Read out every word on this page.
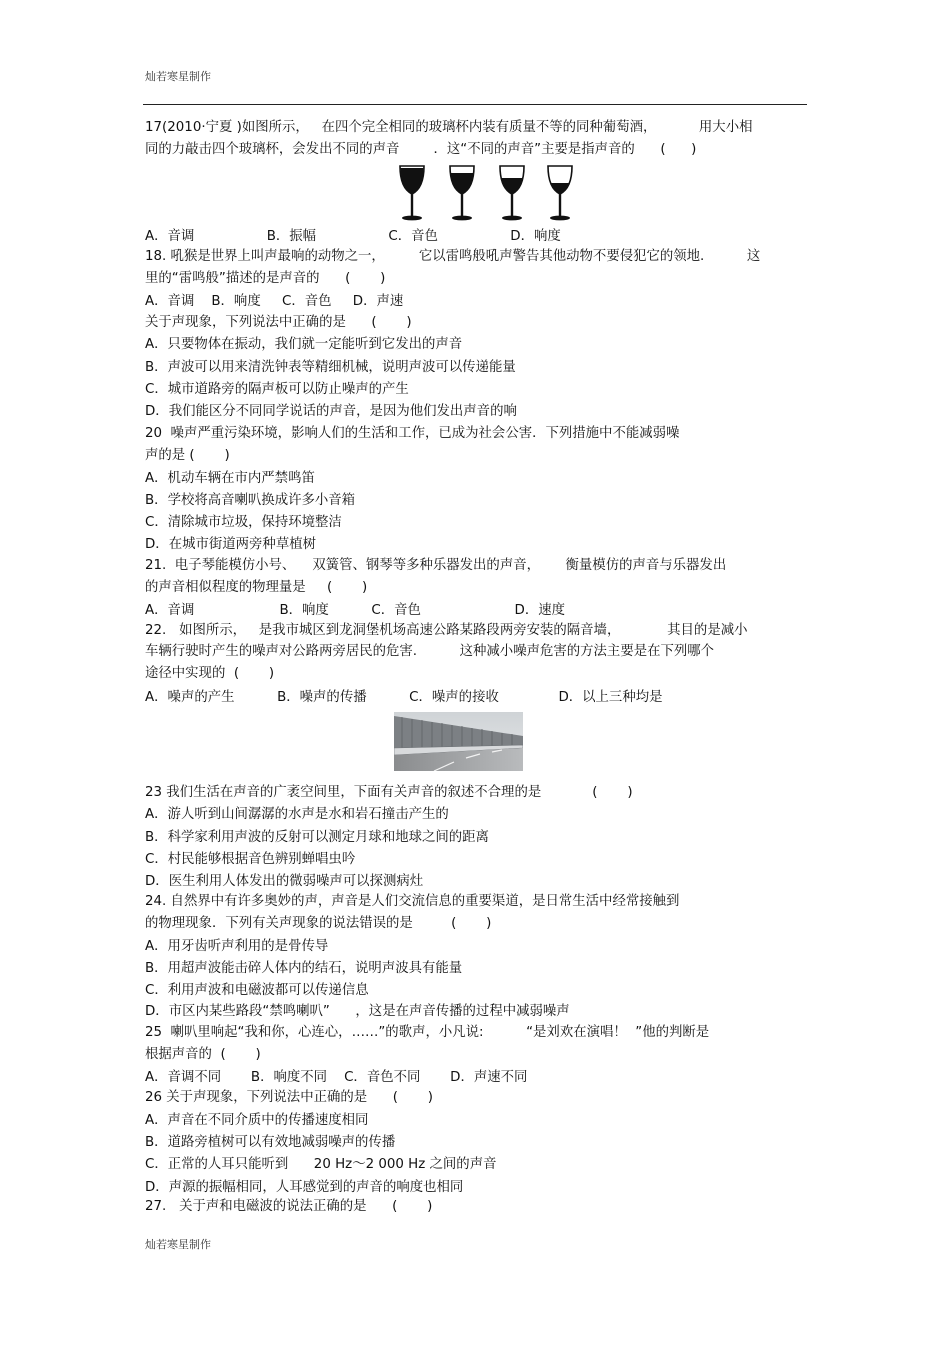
灿若寒星制作
17(2010·宁夏 )如图所示，   在四个完全相同的玻璃杯内装有质量不等的同种葡萄酒，          用大小相
同的力敲击四个玻璃杯，会发出不同的声音        ．这“不同的声音”主要是指声音的      (      )
A．音调                 B．振幅                 C．音色                 D．响度
18. 吼猴是世界上叫声最响的动物之一，        它以雷鸣般吼声警告其他动物不要侵犯它的领地.          这
里的“雷鸣般”描述的是声音的      (       )
A．音调    B．响度     C．音色     D．声速
关于声现象，下列说法中正确的是      (       )
A．只要物体在振动，我们就一定能听到它发出的声音
B．声波可以用来清洗钟表等精细机械，说明声波可以传递能量
C．城市道路旁的隔声板可以防止噪声的产生
D．我们能区分不同同学说话的声音，是因为他们发出声音的响
20  噪声严重污染环境，影响人们的生活和工作，已成为社会公害．下列措施中不能减弱噪
声的是 (       )
A．机动车辆在市内严禁鸣笛
B．学校将高音喇叭换成许多小音箱
C．清除城市垃圾，保持环境整洁
D．在城市街道两旁种草植树
21.  电子琴能模仿小号、    双簧管、钢琴等多种乐器发出的声音，      衡量模仿的声音与乐器发出
的声音相似程度的物理量是     (       )
A．音调                    B．响度          C．音色                      D．速度
22.   如图所示，   是我市城区到龙洞堡机场高速公路某路段两旁安装的隔音墙，           其目的是减小
车辆行驶时产生的噪声对公路两旁居民的危害.          这种减小噪声危害的方法主要是在下列哪个
途径中实现的  (       )
A．噪声的产生          B．噪声的传播          C．噪声的接收              D．以上三种均是
23 我们生活在声音的广袤空间里，下面有关声音的叙述不合理的是            (       )
A．游人听到山间潺潺的水声是水和岩石撞击产生的
B．科学家利用声波的反射可以测定月球和地球之间的距离
C．村民能够根据音色辨别蝉唱虫吟
D．医生利用人体发出的微弱噪声可以探测病灶
24. 自然界中有许多奥妙的声，声音是人们交流信息的重要渠道，是日常生活中经常接触到
的物理现象．下列有关声现象的说法错误的是         (       )
A．用牙齿听声利用的是骨传导
B．用超声波能击碎人体内的结石，说明声波具有能量
C．利用声波和电磁波都可以传递信息
D．市区内某些路段“禁鸣喇叭”      ，这是在声音传播的过程中减弱噪声
25  喇叭里响起“我和你，心连心，……”的歌声，小凡说:          “是刘欢在演唱！  ”他的判断是
根据声音的  (       )
A．音调不同       B．响度不同    C．音色不同       D．声速不同
26 关于声现象，下列说法中正确的是      (       )
A．声音在不同介质中的传播速度相同
B．道路旁植树可以有效地减弱噪声的传播
C．正常的人耳只能听到      20 Hz～2 000 Hz 之间的声音
D．声源的振幅相同，人耳感觉到的声音的响度也相同
27.   关于声和电磁波的说法正确的是      (       )
灿若寒星制作
